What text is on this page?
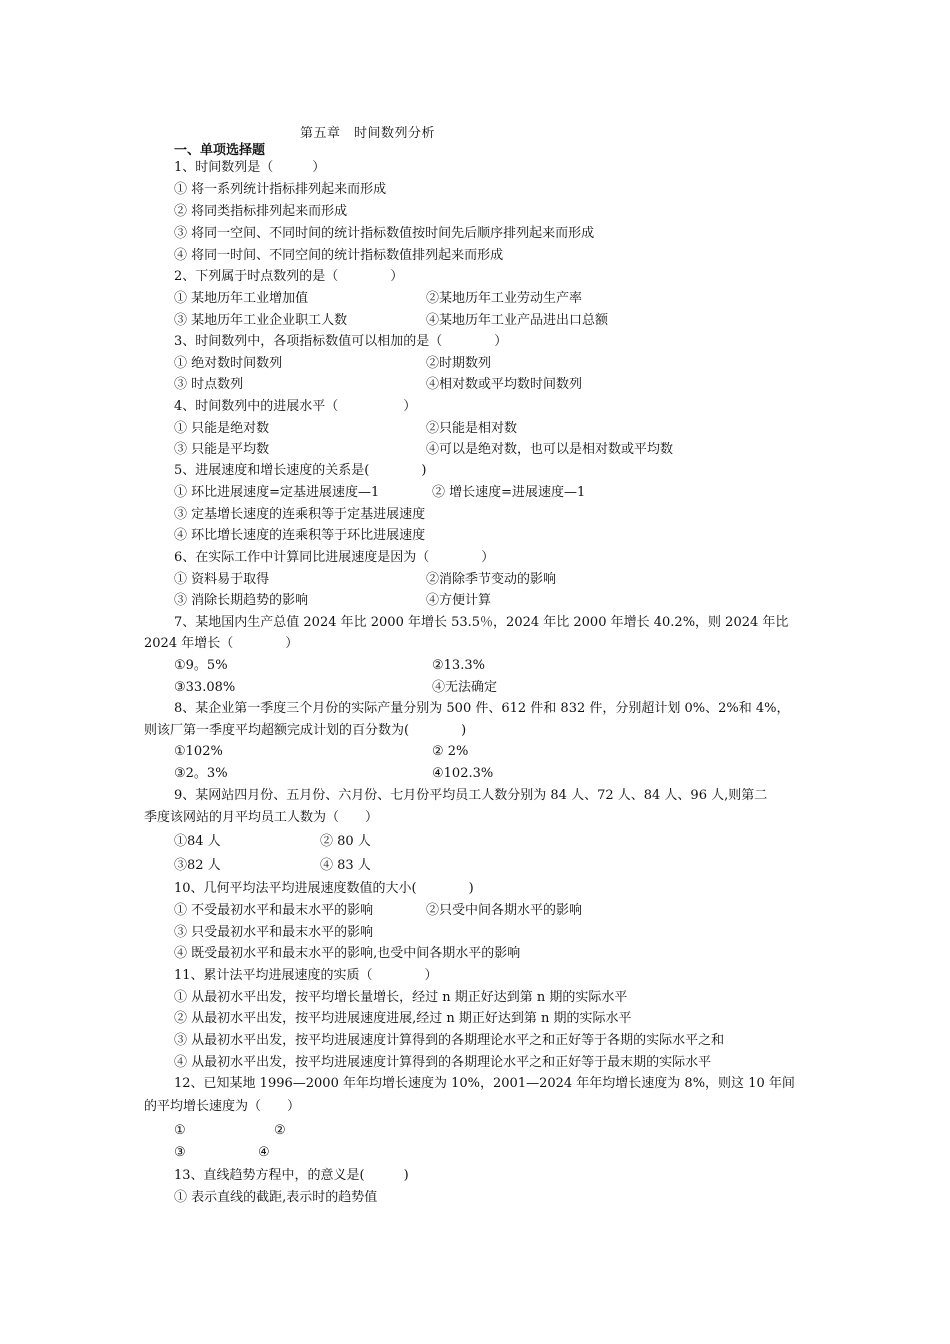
第五章　时间数列分析
一、单项选择题
1、时间数列是（　　　）
① 将一系列统计指标排列起来而形成
② 将同类指标排列起来而形成
③ 将同一空间、不同时间的统计指标数值按时间先后顺序排列起来而形成
④ 将同一时间、不同空间的统计指标数值排列起来而形成
2、下列属于时点数列的是（　　　　）
① 某地历年工业增加值	②某地历年工业劳动生产率
③ 某地历年工业企业职工人数	④某地历年工业产品进出口总额
3、时间数列中，各项指标数值可以相加的是（　　　　）
① 绝对数时间数列	②时期数列
③ 时点数列	④相对数或平均数时间数列
4、时间数列中的进展水平（　　　　　）
① 只能是绝对数	②只能是相对数
③ 只能是平均数	④可以是绝对数，也可以是相对数或平均数
5、进展速度和增长速度的关系是(　　　　)
① 环比进展速度=定基进展速度—1	② 增长速度=进展速度—1
③ 定基增长速度的连乘积等于定基进展速度
④ 环比增长速度的连乘积等于环比进展速度
6、在实际工作中计算同比进展速度是因为（　　　　）
① 资料易于取得	②消除季节变动的影响
③ 消除长期趋势的影响	④方便计算
7、某地国内生产总值 2024 年比 2000 年增长 53.5％，2024 年比 2000 年增长 40.2%，则 2024 年比
2024 年增长（　　　　）
①9。5%	②13.3%
③33.08%	④无法确定
8、某企业第一季度三个月份的实际产量分别为 500 件、612 件和 832 件，分别超计划 0%、2%和 4%，
则该厂第一季度平均超额完成计划的百分数为(　　　　)
①102%	② 2%
③2。3%	④102.3%
9、某网站四月份、五月份、六月份、七月份平均员工人数分别为 84 人、72 人、84 人、96 人,则第二
季度该网站的月平均员工人数为（　　）
①84 人	② 80 人
③82 人	④ 83 人
10、几何平均法平均进展速度数值的大小(　　　　)
① 不受最初水平和最末水平的影响	②只受中间各期水平的影响
③ 只受最初水平和最末水平的影响
④ 既受最初水平和最末水平的影响,也受中间各期水平的影响
11、累计法平均进展速度的实质（　　　　）
① 从最初水平出发，按平均增长量增长，经过 n 期正好达到第 n 期的实际水平
② 从最初水平出发，按平均进展速度进展,经过 n 期正好达到第 n 期的实际水平
③ 从最初水平出发，按平均进展速度计算得到的各期理论水平之和正好等于各期的实际水平之和
④ 从最初水平出发，按平均进展速度计算得到的各期理论水平之和正好等于最末期的实际水平
12、已知某地 1996—2000 年年均增长速度为 10%，2001—2024 年年均增长速度为 8%，则这 10 年间
的平均增长速度为（　　）
①	②
③	④
13、直线趋势方程中，的意义是(　　　)
① 表示直线的截距,表示时的趋势值
